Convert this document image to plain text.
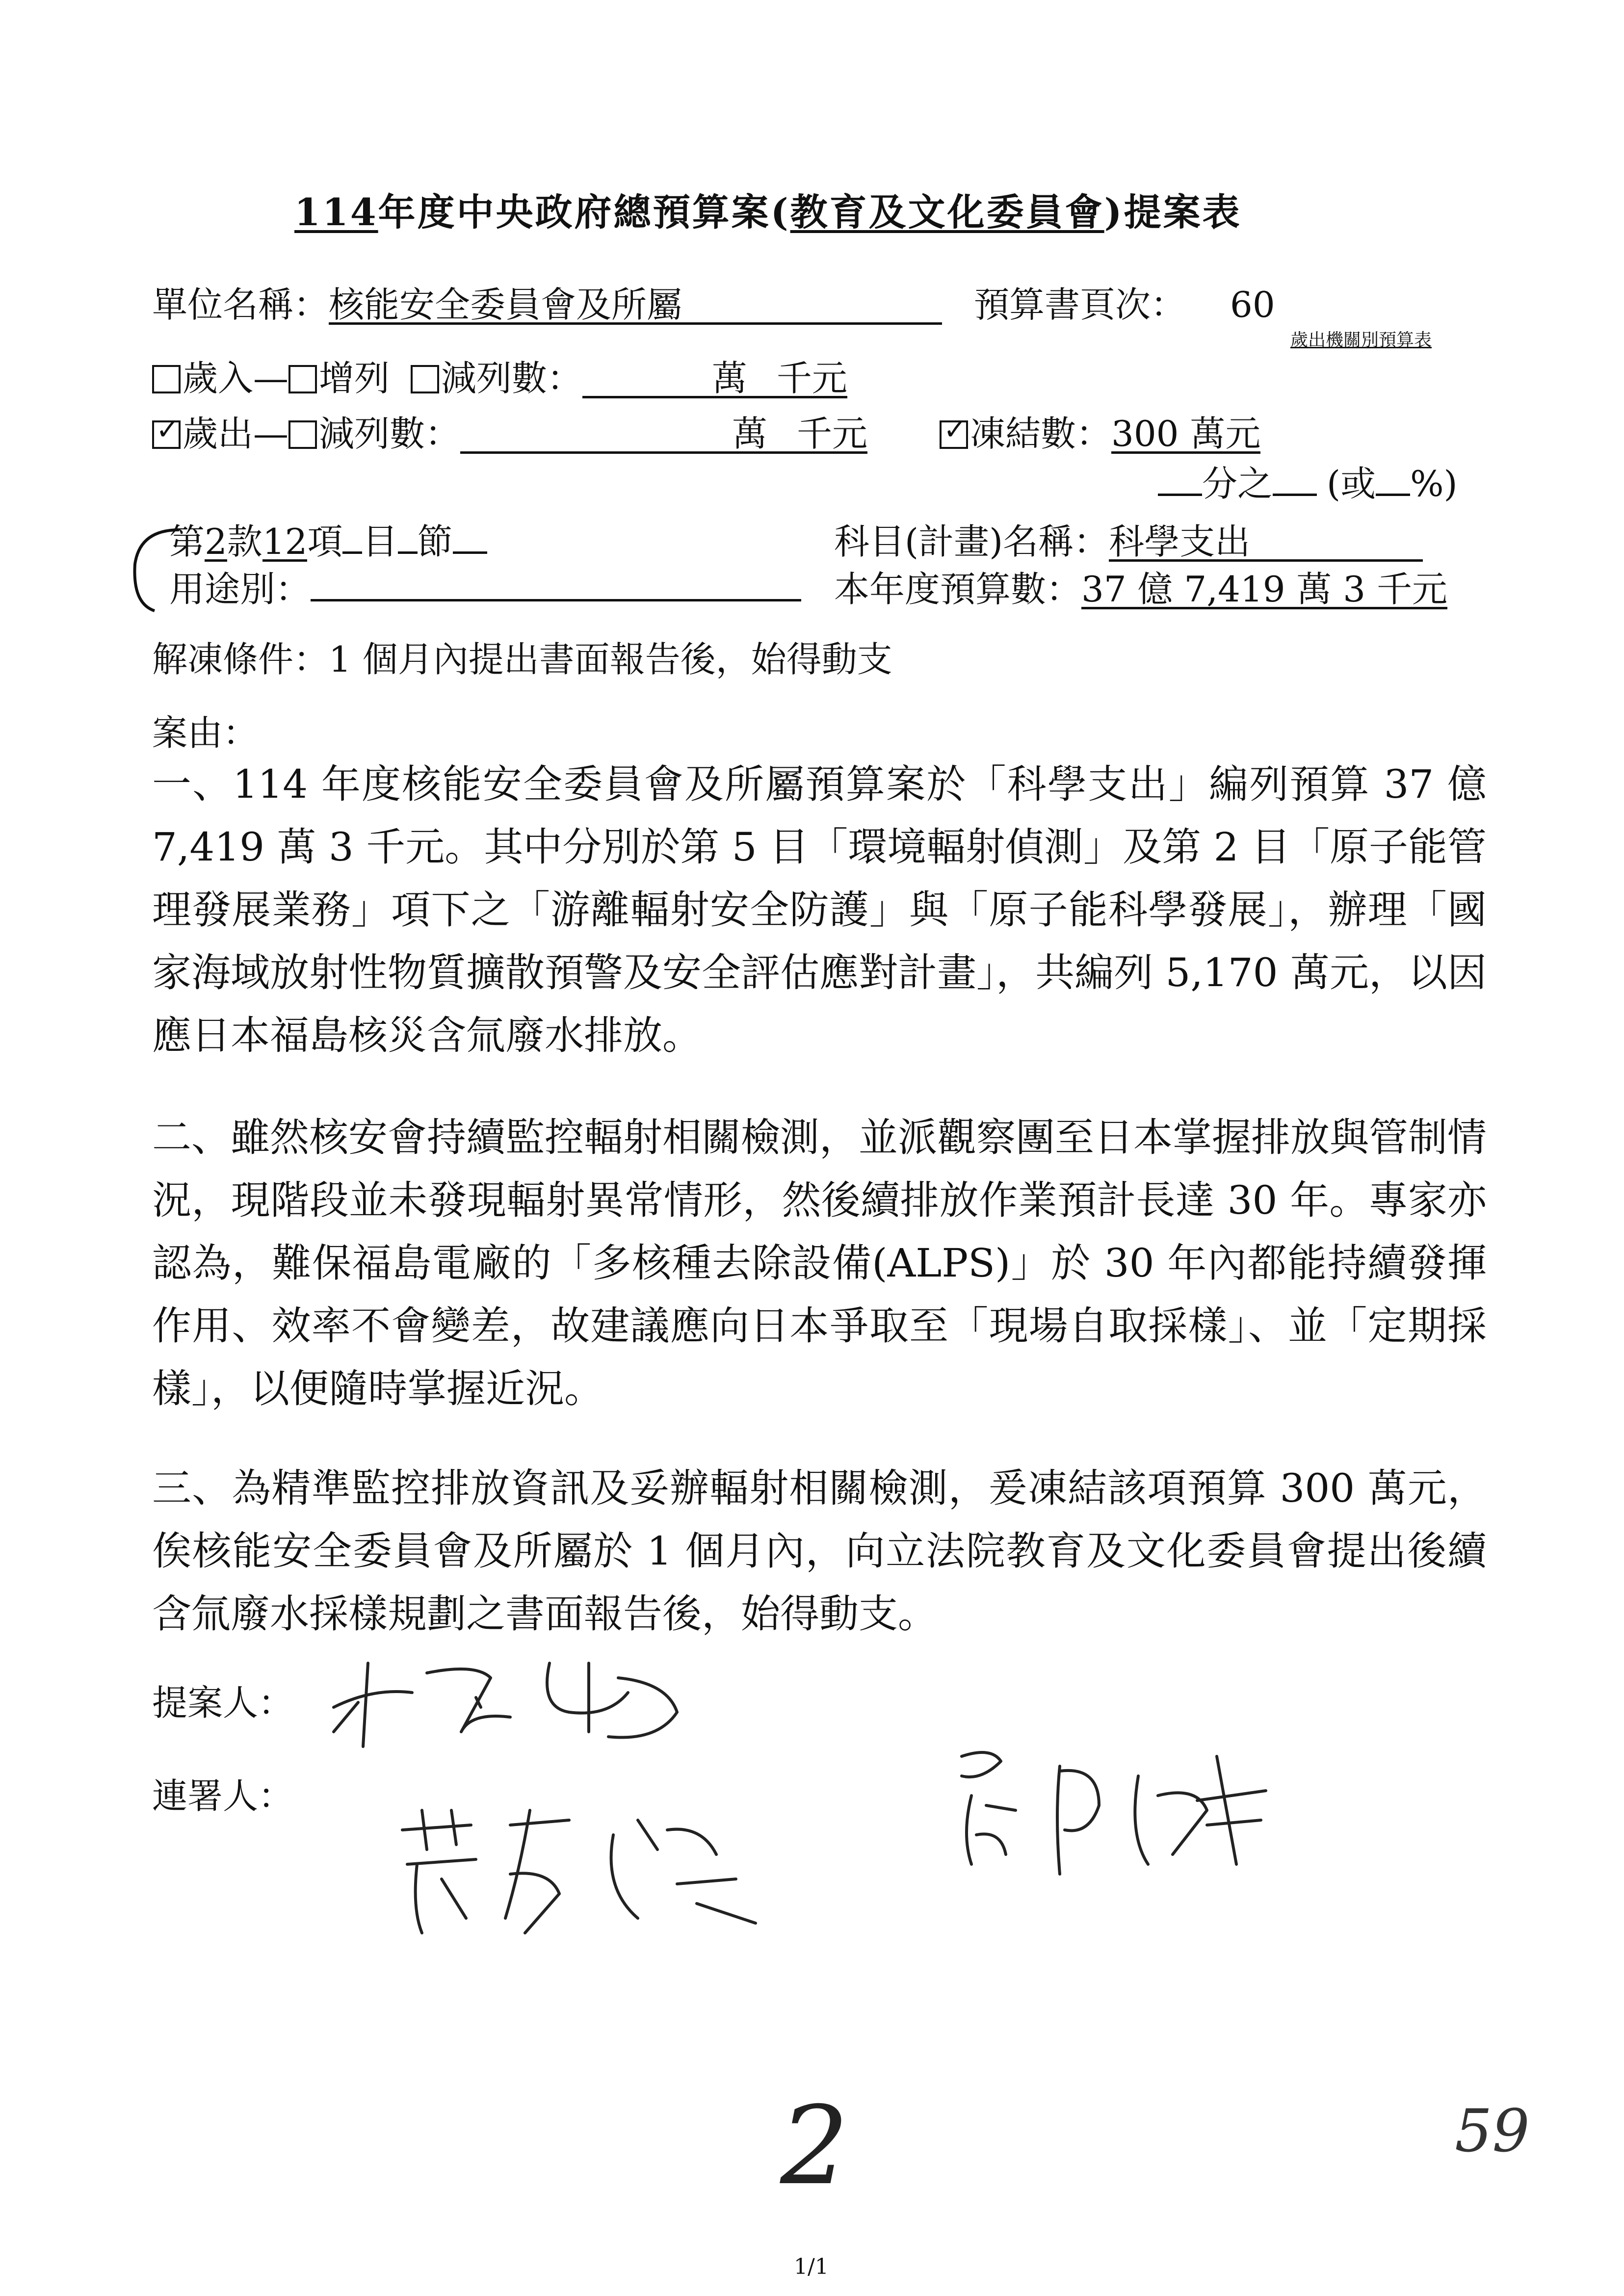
114年度中央政府總預算案(教育及文化委員會)提案表
單位名稱：核能安全委員會及所屬	預算書頁次： 60
歲出機關別預算表
歲入— 增列 減列數：	萬 千元
✓歲出— 減列數：	萬 千元
✓	凍結數：300 萬元
分之 (或 %)
第2款12項 目 節	科目(計畫)名稱：科學支出
用途別：	本年度預算數：37 億 7,419 萬 3 千元
解凍條件：1 個月內提出書面報告後，始得動支
案由：

一、114 年度核能安全委員會及所屬預算案於「科學支出」編列預算 37 億 7,419 萬 3 千元。其中分別於第 5 目「環境輻射偵測」及第 2 目「原子能管理發展業務」項下之「游離輻射安全防護」與「原子能科學發展」，辦理「國家海域放射性物質擴散預警及安全評估應對計畫」，共編列 5,170 萬元，以因應日本福島核災含氚廢水排放。

二、雖然核安會持續監控輻射相關檢測，並派觀察團至日本掌握排放與管制情況，現階段並未發現輻射異常情形，然後續排放作業預計長達 30 年。專家亦認為，難保福島電廠的「多核種去除設備(ALPS)」於 30 年內都能持續發揮作用、效率不會變差，故建議應向日本爭取至「現場自取採樣」、並「定期採樣」，以便隨時掌握近況。

三、為精準監控排放資訊及妥辦輻射相關檢測，爰凍結該項預算 300 萬元，俟核能安全委員會及所屬於 1 個月內，向立法院教育及文化委員會提出後續含氚廢水採樣規劃之書面報告後，始得動支。

提案人：
連署人：
2	59
1/1
